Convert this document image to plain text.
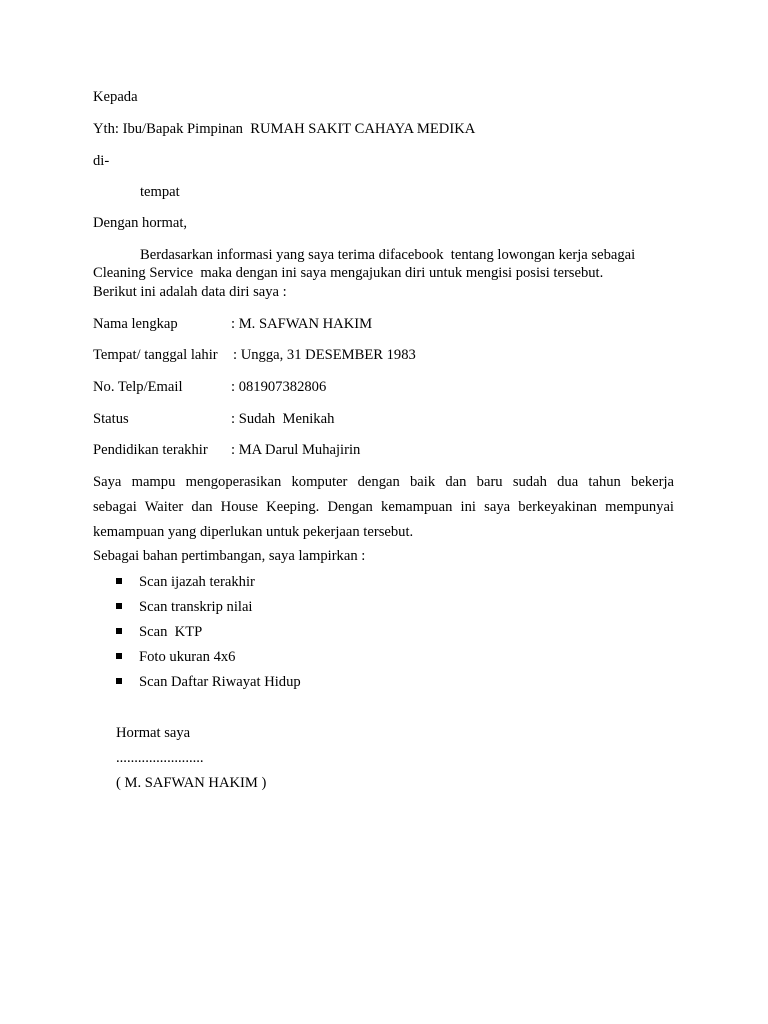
Kepada
Yth: Ibu/Bapak Pimpinan  RUMAH SAKIT CAHAYA MEDIKA
di-
tempat
Dengan hormat,
Berdasarkan informasi yang saya terima difacebook  tentang lowongan kerja sebagai
Cleaning Service  maka dengan ini saya mengajukan diri untuk mengisi posisi tersebut.
Berikut ini adalah data diri saya :
Nama lengkap	: M. SAFWAN HAKIM
Tempat/ tanggal lahir : Ungga, 31 DESEMBER 1983
No. Telp/Email	: 081907382806
Status	: Sudah  Menikah
Pendidikan terakhir : MA Darul Muhajirin
Saya mampu mengoperasikan komputer dengan baik dan baru sudah dua tahun bekerja
sebagai Waiter dan House Keeping. Dengan kemampuan ini saya berkeyakinan mempunyai
kemampuan yang diperlukan untuk pekerjaan tersebut.
Sebagai bahan pertimbangan, saya lampirkan :
Scan ijazah terakhir
Scan transkrip nilai
Scan  KTP
Foto ukuran 4x6
Scan Daftar Riwayat Hidup
Hormat saya
........................
( M. SAFWAN HAKIM )
